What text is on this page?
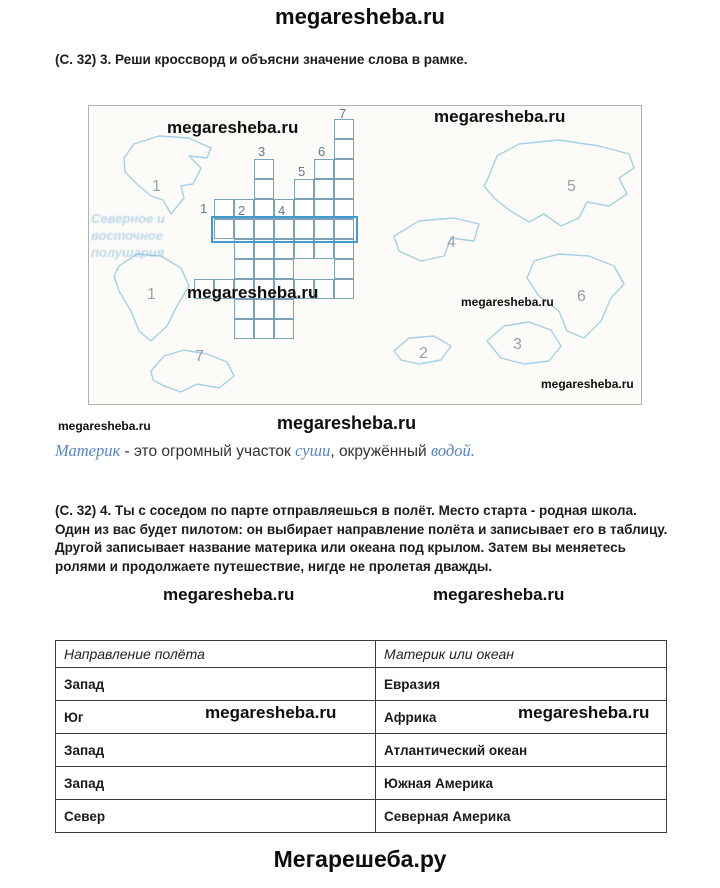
megaresheba.ru
(С. 32) 3. Реши кроссворд и объясни значение слова в рамке.
Северное и
восточное
полушария
7
3	6
5
1 2	4
1	5
4
1	6
3
2
7
megaresheba.ru
megaresheba.ru
megaresheba.ru	megaresheba.ru
megaresheba.ru
megaresheba.ru	megaresheba.ru
Материк - это огромный участок суши, окружённый водой.
(С. 32) 4. Ты с соседом по парте отправляешься в полёт. Место старта - родная школа. Один из вас будет пилотом: он выбирает направление полёта и записывает его в таблицу. Другой записывает название материка или океана под крылом. Затем вы меняетесь ролями и продолжаете путешествие, нигде не пролетая дважды.
megaresheba.ru	megaresheba.ru
Направление полёта	Материк или океан
Запад	Евразия
Юг	Африка
Запад	Атлантический океан
Запад	Южная Америка
Север	Северная Америка
megaresheba.ru	megaresheba.ru
Мегарешеба.ру
